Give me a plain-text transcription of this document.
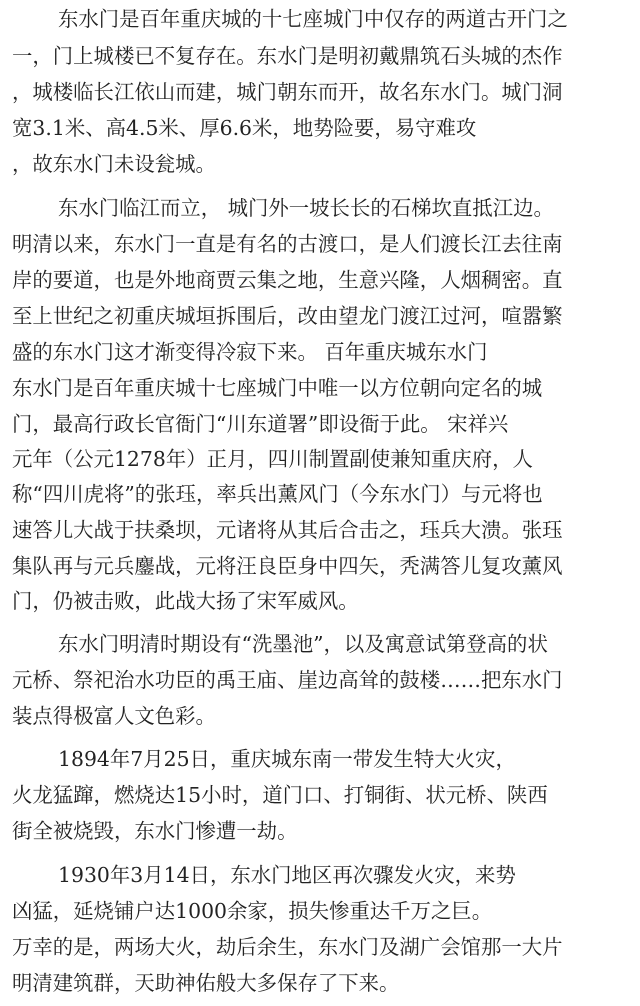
东水门是百年重庆城的十七座城门中仅存的两道古开门之
一，门上城楼已不复存在。东水门是明初戴鼎筑石头城的杰作
，城楼临长江依山而建，城门朝东而开，故名东水门。城门洞
宽3.1米、高4.5米、厚6.6米，地势险要，易守难攻
，故东水门未设瓮城。
东水门临江而立， 城门外一坡长长的石梯坎直抵江边。
明清以来，东水门一直是有名的古渡口，是人们渡长江去往南
岸的要道，也是外地商贾云集之地，生意兴隆，人烟稠密。直
至上世纪之初重庆城垣拆围后，改由望龙门渡江过河，喧嚣繁
盛的东水门这才渐变得冷寂下来。 百年重庆城东水门
东水门是百年重庆城十七座城门中唯一以方位朝向定名的城
门，最高行政长官衙门“川东道署”即设衙于此。 宋祥兴
元年（公元1278年）正月，四川制置副使兼知重庆府，人
称“四川虎将”的张珏，率兵出薰风门（今东水门）与元将也
速答儿大战于扶桑坝，元诸将从其后合击之，珏兵大溃。张珏
集队再与元兵鏖战，元将汪良臣身中四矢，秃满答儿复攻薰风
门，仍被击败，此战大扬了宋军威风。
东水门明清时期设有“洗墨池”，以及寓意试第登高的状
元桥、祭祀治水功臣的禹王庙、崖边高耸的鼓楼……把东水门
装点得极富人文色彩。
1894年7月25日，重庆城东南一带发生特大火灾，
火龙猛蹿，燃烧达15小时，道门口、打铜街、状元桥、陕西
街全被烧毁，东水门惨遭一劫。
1930年3月14日，东水门地区再次骤发火灾，来势
凶猛，延烧铺户达1000余家，损失惨重达千万之巨。
万幸的是，两场大火，劫后余生，东水门及湖广会馆那一大片
明清建筑群，天助神佑般大多保存了下来。
